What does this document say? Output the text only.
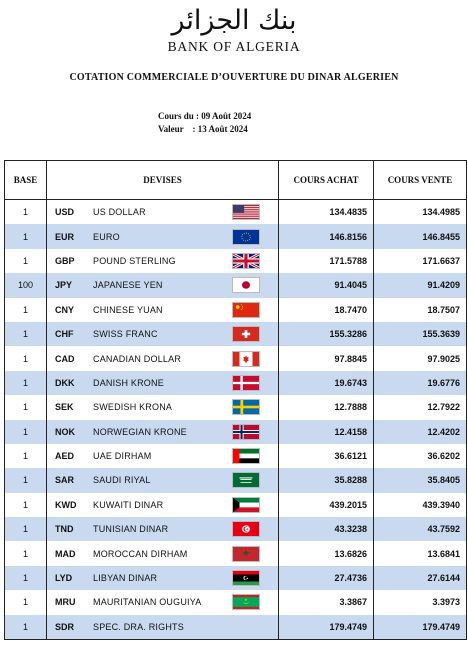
بنك الجزائر
BANK OF ALGERIA
COTATION COMMERCIALE D’OUVERTURE DU DINAR ALGERIEN
Cours du : 09 Août 2024
Valeur    : 13 Août 2024
BASE	DEVISES	COURS ACHAT	COURS VENTE
1	USD US DOLLAR	134.4835	134.4985
1	EUR EURO	146.8156	146.8455
1	GBP POUND STERLING	171.5788	171.6637
100	JPY JAPANESE YEN	91.4045	91.4209
1	CNY CHINESE YUAN	18.7470	18.7507
1	CHF SWISS FRANC	155.3286	155.3639
1	CAD CANADIAN DOLLAR	97.8845	97.9025
1	DKK DANISH KRONE	19.6743	19.6776
1	SEK SWEDISH KRONA	12.7888	12.7922
1	NOK NORWEGIAN KRONE	12.4158	12.4202
1	AED UAE DIRHAM	36.6121	36.6202
1	SAR SAUDI RIYAL	35.8288	35.8405
1	KWD KUWAITI DINAR	439.2015	439.3940
1	TND TUNISIAN DINAR	43.3238	43.7592
1	MAD MOROCCAN DIRHAM	13.6826	13.6841
1	LYD LIBYAN DINAR	27.4736	27.6144
1	MRU MAURITANIAN OUGUIYA	3.3867	3.3973
1	SDR SPEC. DRA. RIGHTS	179.4749	179.4749
